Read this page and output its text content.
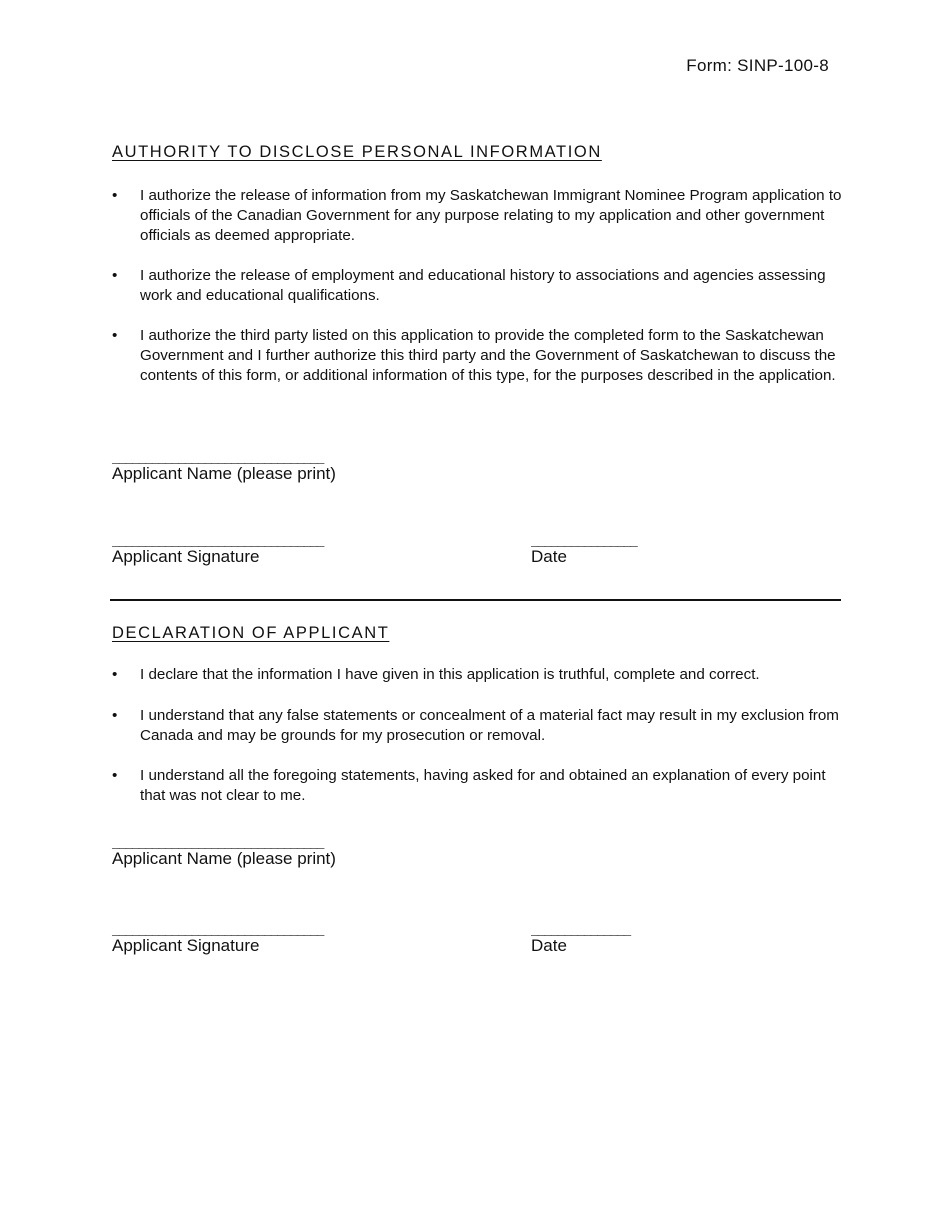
Form: SINP-100-8
AUTHORITY TO DISCLOSE PERSONAL INFORMATION
•	I authorize the release of information from my Saskatchewan Immigrant Nominee Program application to officials of the Canadian Government for any purpose relating to my application and other government officials as deemed appropriate.
•	I authorize the release of employment and educational history to associations and agencies assessing work and educational qualifications.
•	I authorize the third party listed on this application to provide the completed form to the Saskatchewan Government and I further authorize this third party and the Government of Saskatchewan to discuss the contents of this form, or additional information of this type, for the purposes described in the application.
________________________________
Applicant Name (please print)
________________________________
Applicant Signature
________________
Date
DECLARATION OF APPLICANT
•	I declare that the information I have given in this application is truthful, complete and correct.
•	I understand that any false statements or concealment of a material fact may result in my exclusion from Canada and may be grounds for my prosecution or removal.
•	I understand all the foregoing statements, having asked for and obtained an explanation of every point that was not clear to me.
________________________________
Applicant Name (please print)
________________________________
Applicant Signature
_______________
Date
